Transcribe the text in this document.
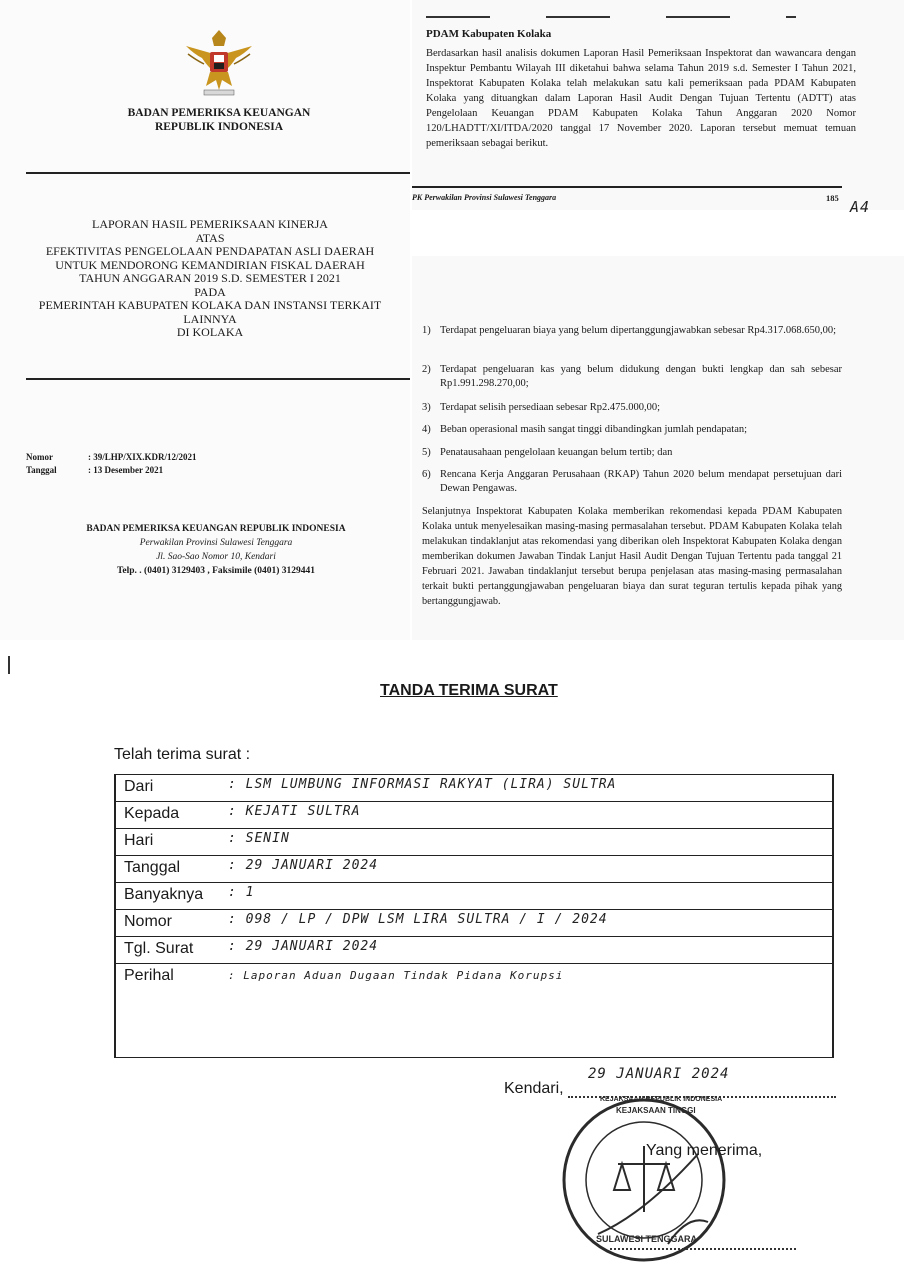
BADAN PEMERIKSA KEUANGAN
REPUBLIK INDONESIA
LAPORAN HASIL PEMERIKSAAN KINERJA
ATAS
EFEKTIVITAS PENGELOLAAN PENDAPATAN ASLI DAERAH
UNTUK MENDORONG KEMANDIRIAN FISKAL DAERAH
TAHUN ANGGARAN 2019 S.D. SEMESTER I 2021
PADA
PEMERINTAH KABUPATEN KOLAKA DAN INSTANSI TERKAIT
LAINNYA
DI KOLAKA
Nomor	: 39/LHP/XIX.KDR/12/2021
Tanggal	: 13 Desember 2021
BADAN PEMERIKSA KEUANGAN REPUBLIK INDONESIA
Perwakilan Provinsi Sulawesi Tenggara
Jl. Sao-Sao Nomor 10, Kendari
Telp. . (0401) 3129403 , Faksimile (0401) 3129441
PDAM Kabupaten Kolaka
Berdasarkan hasil analisis dokumen Laporan Hasil Pemeriksaan Inspektorat dan wawancara dengan Inspektur Pembantu Wilayah III diketahui bahwa selama Tahun 2019 s.d. Semester I Tahun 2021, Inspektorat Kabupaten Kolaka telah melakukan satu kali pemeriksaan pada PDAM Kabupaten Kolaka yang dituangkan dalam Laporan Hasil Audit Dengan Tujuan Tertentu (ADTT) atas Pengelolaan Keuangan PDAM Kabupaten Kolaka Tahun Anggaran 2020 Nomor 120/LHADTT/XI/ITDA/2020 tanggal 17 November 2020. Laporan tersebut memuat temuan pemeriksaan sebagai berikut.
PK Perwakilan Provinsi Sulawesi Tenggara	185 A4
1) Terdapat pengeluaran biaya yang belum dipertanggungjawabkan sebesar Rp4.317.068.650,00;
2) Terdapat pengeluaran kas yang belum didukung dengan bukti lengkap dan sah sebesar Rp1.991.298.270,00;
3) Terdapat selisih persediaan sebesar Rp2.475.000,00;
4) Beban operasional masih sangat tinggi dibandingkan jumlah pendapatan;
5) Penatausahaan pengelolaan keuangan belum tertib; dan
6) Rencana Kerja Anggaran Perusahaan (RKAP) Tahun 2020 belum mendapat persetujuan dari Dewan Pengawas.
Selanjutnya Inspektorat Kabupaten Kolaka memberikan rekomendasi kepada PDAM Kabupaten Kolaka untuk menyelesaikan masing-masing permasalahan tersebut. PDAM Kabupaten Kolaka telah melakukan tindaklanjut atas rekomendasi yang diberikan oleh Inspektorat Kabupaten Kolaka dengan memberikan dokumen Jawaban Tindak Lanjut Hasil Audit Dengan Tujuan Tertentu pada tanggal 21 Februari 2021. Jawaban tindaklanjut tersebut berupa penjelasan atas masing-masing permasalahan terkait bukti pertanggungjawaban pengeluaran biaya dan surat teguran tertulis kepada pihak yang bertanggungjawab.
TANDA TERIMA SURAT
Telah terima surat :
Dari	: LSM LUMBUNG INFORMASI RAKYAT (LIRA) SULTRA
Kepada	: KEJATI SULTRA
Hari	: SENIN
Tanggal	: 29 JANUARI 2024
Banyaknya : 1
Nomor	: 098 / LP / DPW LSM LIRA SULTRA / I / 2024
Tgl. Surat	: 29 JANUARI 2024
Perihal	: Laporan Aduan Dugaan Tindak Pidana Korupsi
Kendari,
29 JANUARI 2024
KEJAKSAAN REPUBLIK INDONESIA
KEJAKSAAN TINGGI
SULAWESI TENGGARA
Yang menerima,
